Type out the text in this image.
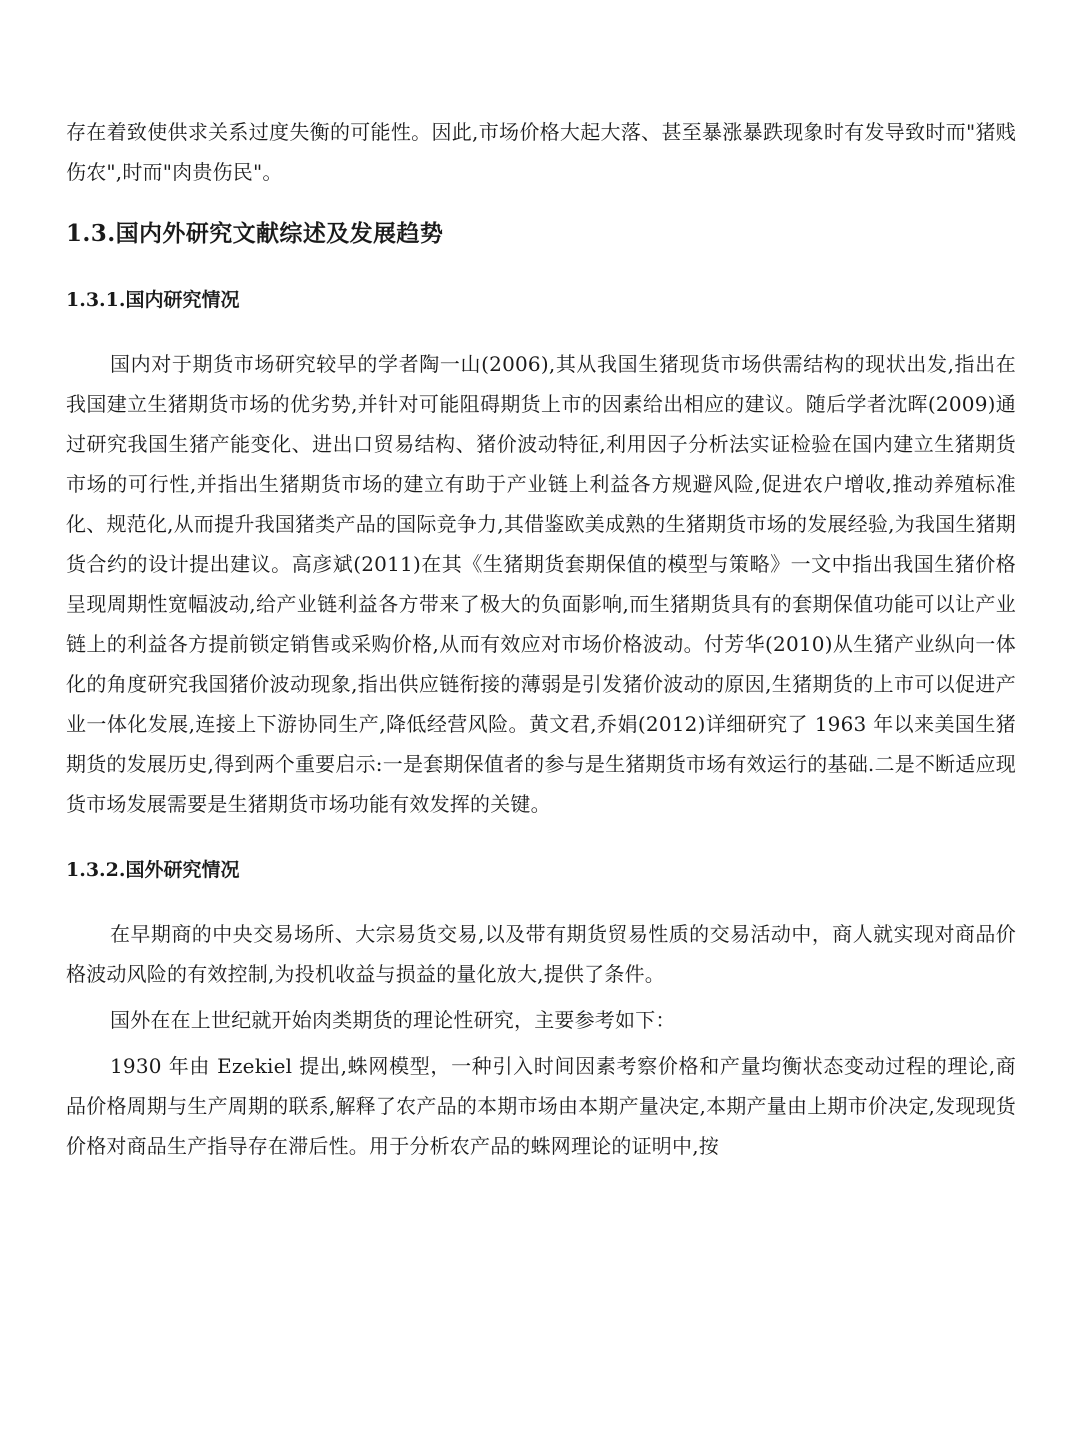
存在着致使供求关系过度失衡的可能性。因此,市场价格大起大落、甚至暴涨暴跌现象时有发导致时而"猪贱伤农",时而"肉贵伤民"。

1.3.国内外研究文献综述及发展趋势
1.3.1.国内研究情况

国内对于期货市场研究较早的学者陶一山(2006),其从我国生猪现货市场供需结构的现状出发,指出在我国建立生猪期货市场的优劣势,并针对可能阻碍期货上市的因素给出相应的建议。随后学者沈晖(2009)通过研究我国生猪产能变化、进出口贸易结构、猪价波动特征,利用因子分析法实证检验在国内建立生猪期货市场的可行性,并指出生猪期货市场的建立有助于产业链上利益各方规避风险,促进农户增收,推动养殖标准化、规范化,从而提升我国猪类产品的国际竞争力,其借鉴欧美成熟的生猪期货市场的发展经验,为我国生猪期货合约的设计提出建议。高彦斌(2011)在其《生猪期货套期保值的模型与策略》一文中指出我国生猪价格呈现周期性宽幅波动,给产业链利益各方带来了极大的负面影响,而生猪期货具有的套期保值功能可以让产业链上的利益各方提前锁定销售或采购价格,从而有效应对市场价格波动。付芳华(2010)从生猪产业纵向一体化的角度研究我国猪价波动现象,指出供应链衔接的薄弱是引发猪价波动的原因,生猪期货的上市可以促进产业一体化发展,连接上下游协同生产,降低经营风险。黄文君,乔娟(2012)详细研究了 1963 年以来美国生猪期货的发展历史,得到两个重要启示:一是套期保值者的参与是生猪期货市场有效运行的基础.二是不断适应现货市场发展需要是生猪期货市场功能有效发挥的关键。

1.3.2.国外研究情况

在早期商的中央交易场所、大宗易货交易,以及带有期货贸易性质的交易活动中，商人就实现对商品价格波动风险的有效控制,为投机收益与损益的量化放大,提供了条件。

国外在在上世纪就开始肉类期货的理论性研究，主要参考如下：

1930 年由 Ezekiel 提出,蛛网模型，一种引入时间因素考察价格和产量均衡状态变动过程的理论,商品价格周期与生产周期的联系,解释了农产品的本期市场由本期产量决定,本期产量由上期市价决定,发现现货价格对商品生产指导存在滞后性。用于分析农产品的蛛网理论的证明中,按
